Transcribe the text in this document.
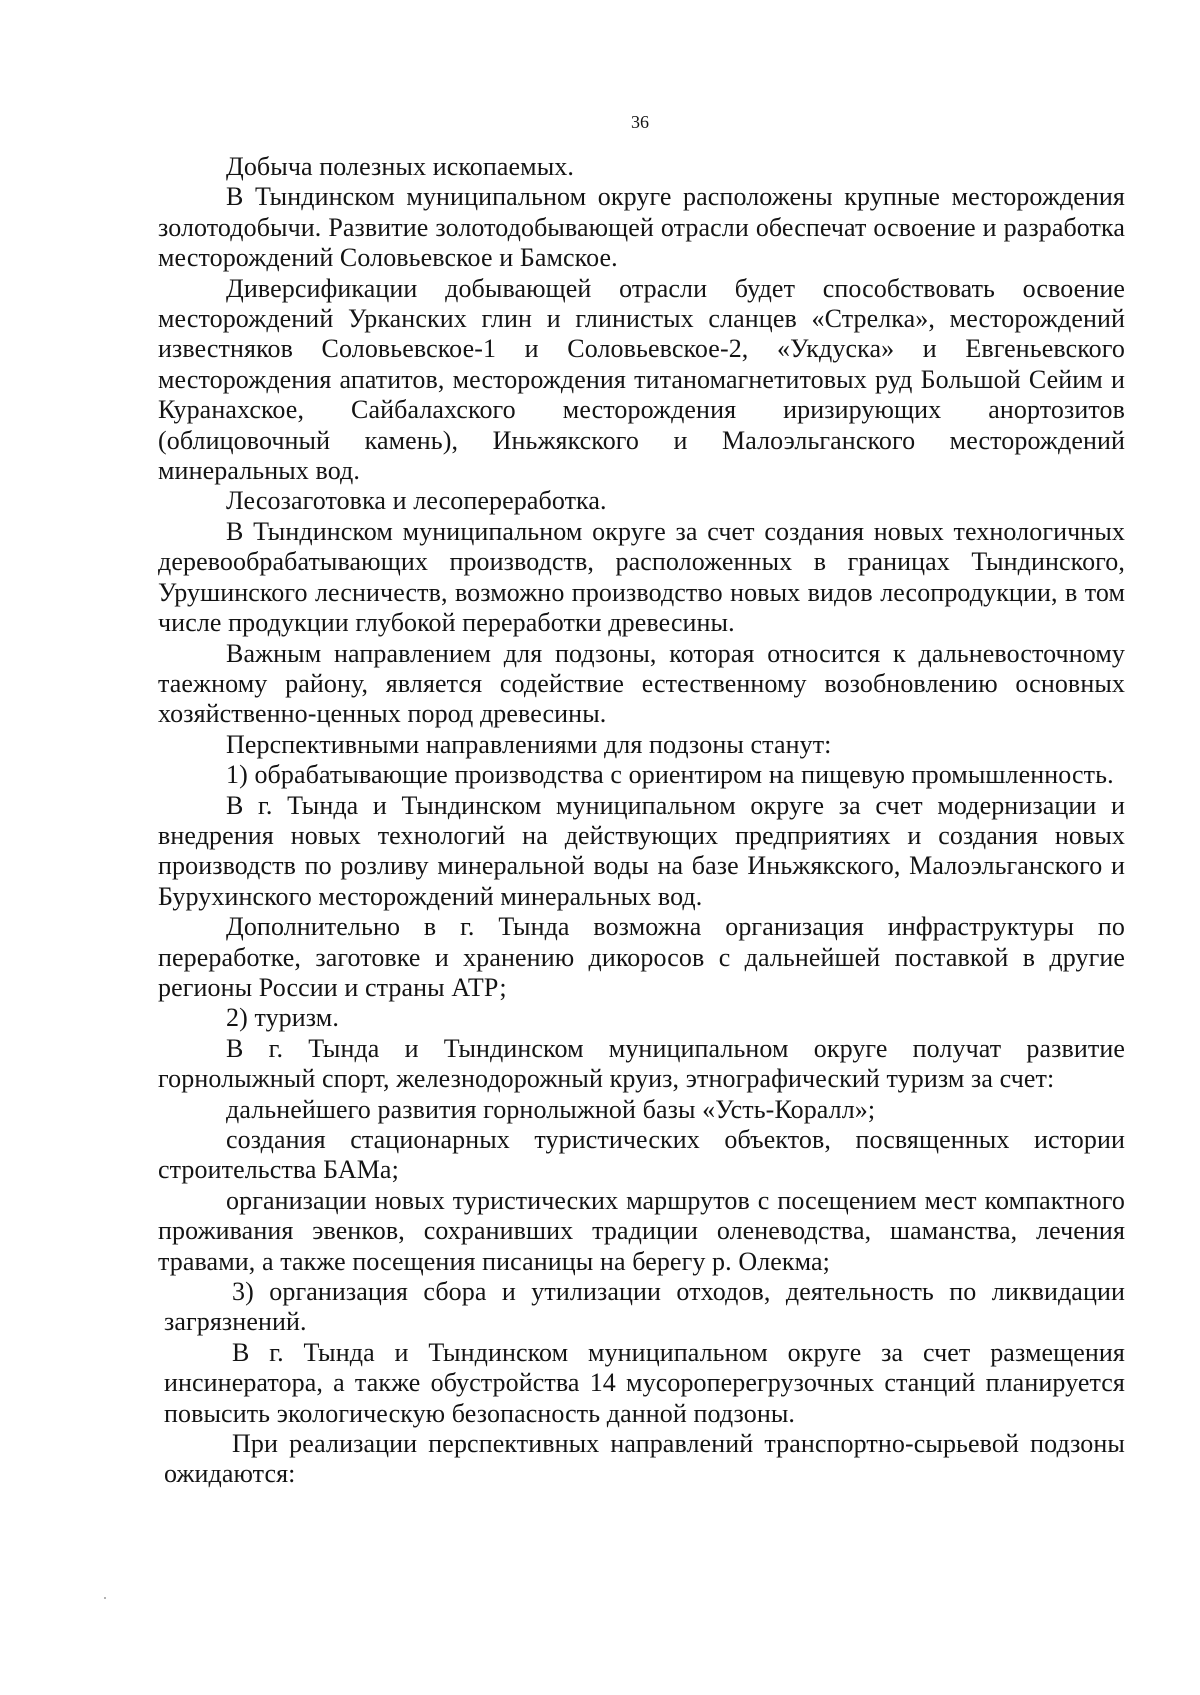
36

Добыча полезных ископаемых.

В Тындинском муниципальном округе расположены крупные месторождения золотодобычи. Развитие золотодобывающей отрасли обеспечат освоение и разработка месторождений Соловьевское и Бамское.

Диверсификации добывающей отрасли будет способствовать освоение месторождений Урканских глин и глинистых сланцев «Стрелка», месторождений известняков Соловьевское-1 и Соловьевское-2, «Укдуска» и Евгеньевского месторождения апатитов, месторождения титаномагнетитовых руд Большой Сейим и Куранахское, Сайбалахского месторождения иризирующих анортозитов (облицовочный камень), Иньжякского и Малоэльганского месторождений минеральных вод.

Лесозаготовка и лесопереработка.

В Тындинском муниципальном округе за счет создания новых технологичных деревообрабатывающих производств, расположенных в границах Тындинского, Урушинского лесничеств, возможно производство новых видов лесопродукции, в том числе продукции глубокой переработки древесины.

Важным направлением для подзоны, которая относится к дальневосточному таежному району, является содействие естественному возобновлению основных хозяйственно-ценных пород древесины.

Перспективными направлениями для подзоны станут:

1) обрабатывающие производства с ориентиром на пищевую промышленность.

В г. Тында и Тындинском муниципальном округе за счет модернизации и внедрения новых технологий на действующих предприятиях и создания новых производств по розливу минеральной воды на базе Иньжякского, Малоэльганского и Бурухинского месторождений минеральных вод.

Дополнительно в г. Тында возможна организация инфраструктуры по переработке, заготовке и хранению дикоросов с дальнейшей поставкой в другие регионы России и страны АТР;

2) туризм.

В г. Тында и Тындинском муниципальном округе получат развитие горнолыжный спорт, железнодорожный круиз, этнографический туризм за счет:

дальнейшего развития горнолыжной базы «Усть-Коралл»;

создания стационарных туристических объектов, посвященных истории строительства БАМа;

организации новых туристических маршрутов с посещением мест компактного проживания эвенков, сохранивших традиции оленеводства, шаманства, лечения травами, а также посещения писаницы на берегу р. Олекма;

3) организация сбора и утилизации отходов, деятельность по ликвидации загрязнений.

В г. Тында и Тындинском муниципальном округе за счет размещения инсинератора, а также обустройства 14 мусороперегрузочных станций планируется повысить экологическую безопасность данной подзоны.

При реализации перспективных направлений транспортно-сырьевой подзоны ожидаются:
